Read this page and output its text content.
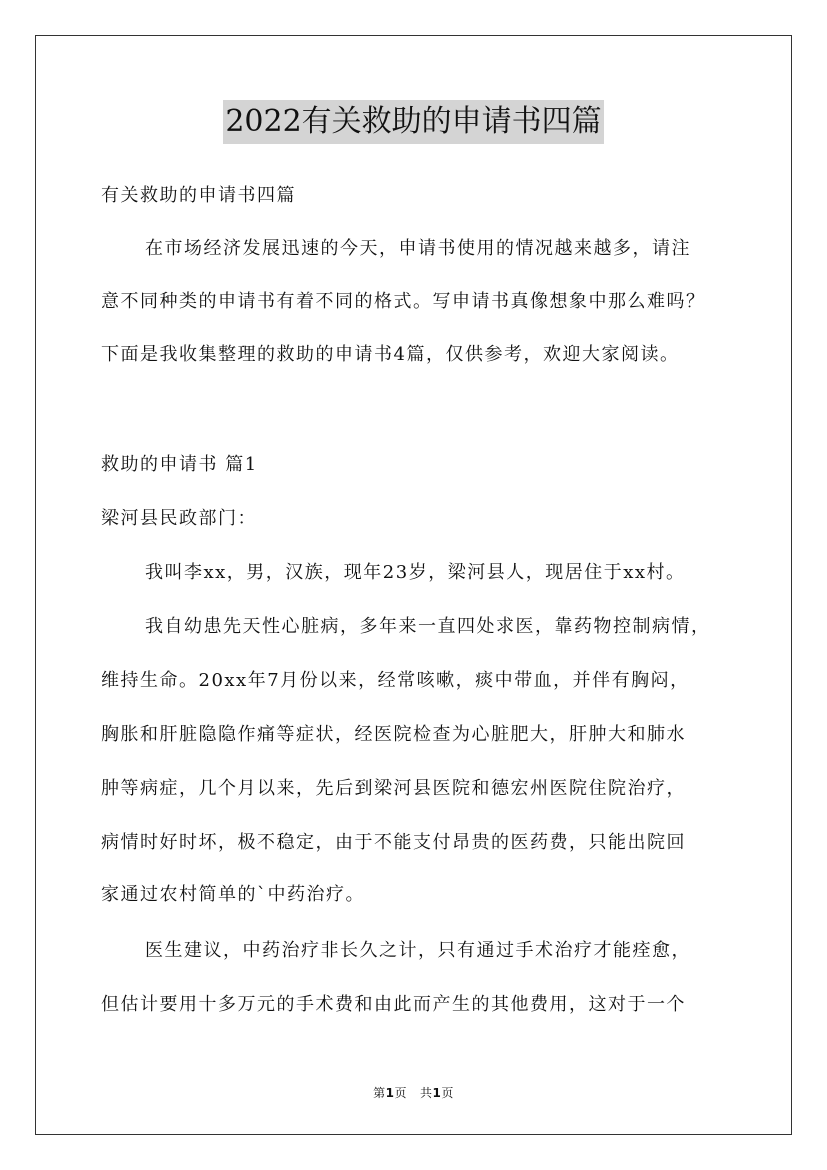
2022有关救助的申请书四篇
有关救助的申请书四篇
在市场经济发展迅速的今天，申请书使用的情况越来越多，请注
意不同种类的申请书有着不同的格式。写申请书真像想象中那么难吗？
下面是我收集整理的救助的申请书4篇，仅供参考，欢迎大家阅读。
救助的申请书 篇1
梁河县民政部门：
我叫李xx，男，汉族，现年23岁，梁河县人，现居住于xx村。
我自幼患先天性心脏病，多年来一直四处求医，靠药物控制病情，
维持生命。20xx年7月份以来，经常咳嗽，痰中带血，并伴有胸闷，
胸胀和肝脏隐隐作痛等症状，经医院检查为心脏肥大，肝肿大和肺水
肿等病症，几个月以来，先后到梁河县医院和德宏州医院住院治疗，
病情时好时坏，极不稳定，由于不能支付昂贵的医药费，只能出院回
家通过农村简单的`中药治疗。
医生建议，中药治疗非长久之计，只有通过手术治疗才能痊愈，
但估计要用十多万元的手术费和由此而产生的其他费用，这对于一个
第1页 共1页
